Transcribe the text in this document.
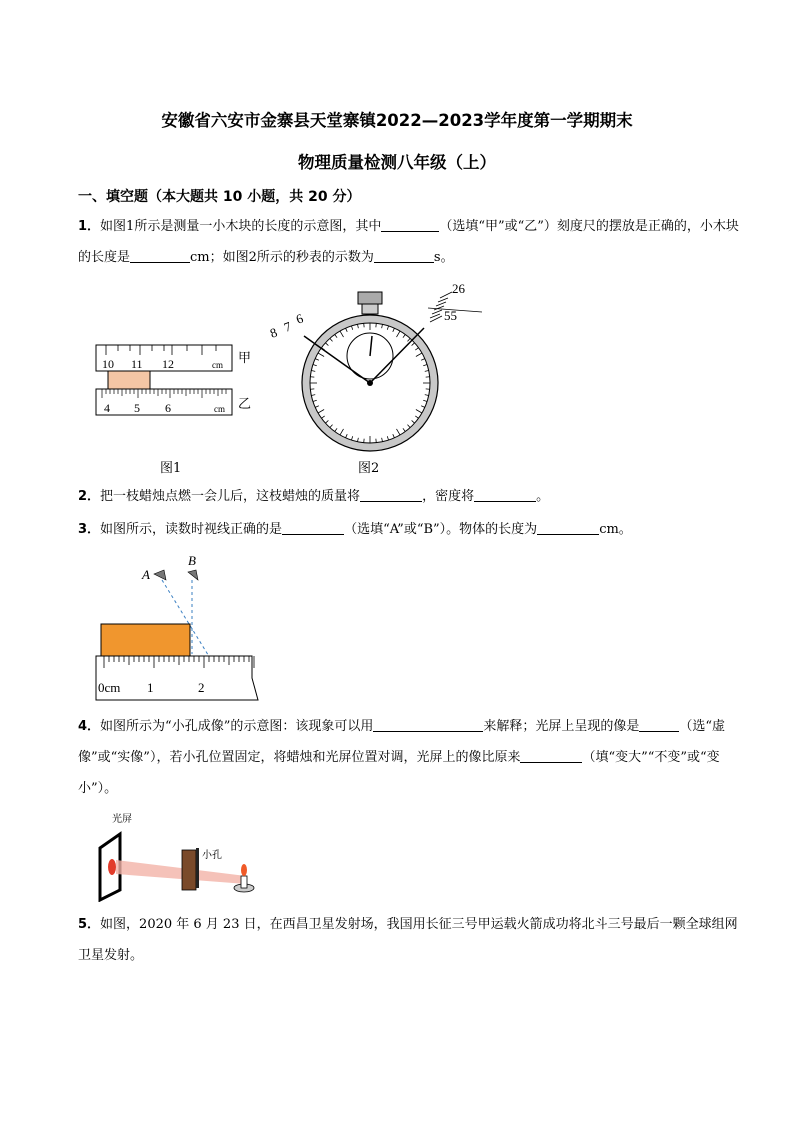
安徽省六安市金寨县天堂寨镇2022—2023学年度第一学期期末
物理质量检测八年级（上）
一、填空题（本大题共 10 小题，共 20 分）
1．如图1所示是测量一小木块的长度的示意图，其中	（选填“甲”或“乙”）刻度尺的摆放是正确的，小木块的长度是	cm；如图2所示的秒表的示数为	s。
10 11 12	cm 甲
4 5 6	cm 乙
图1
8 7 6
26
55
图2
2．把一枝蜡烛点燃一会儿后，这枝蜡烛的质量将	，密度将	。
3．如图所示，读数时视线正确的是	（选填“A”或“B”）。物体的长度为	cm。
A
B
0cm 1	2
4．如图所示为“小孔成像”的示意图：该现象可以用	来解释；光屏上呈现的像是	（选“虚像”或“实像”），若小孔位置固定，将蜡烛和光屏位置对调，光屏上的像比原来	（填“变大”“不变”或“变小”）。
光屏
小孔
5．如图，2020 年 6 月 23 日，在西昌卫星发射场，我国用长征三号甲运载火箭成功将北斗三号最后一颗全球组网卫星发射。
